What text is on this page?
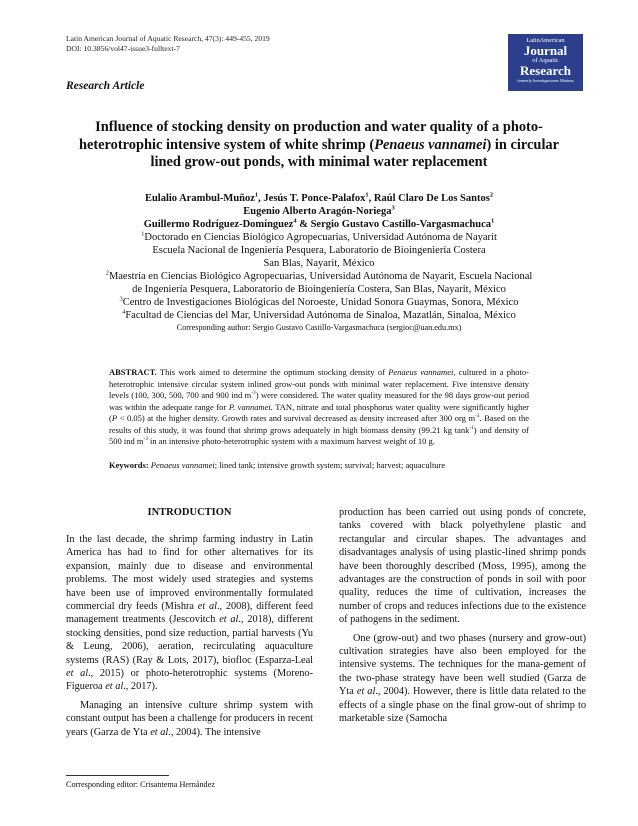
Latin American Journal of Aquatic Research, 47(3): 449-455, 2019
DOI: 10.3856/vol47-issue3-fulltext-7
Research Article
LatinAmerican
Journal
of Aquatic
Research
formerly Investigaciones Marinas
Influence of stocking density on production and water quality of a photo-
heterotrophic intensive system of white shrimp (Penaeus vannamei) in circular
lined grow-out ponds, with minimal water replacement

Eulalio Arambul-Muñoz$^1$, Jesús T. Ponce-Palafox$^1$, Raúl Claro De Los Santos$^2$

Eugenio Alberto Aragón-Noriega$^3$

Guillermo Rodríguez-Domínguez$^4$ & Sergio Gustavo Castillo-Vargasmachuca$^1$

$^1$Doctorado en Ciencias Biológico Agropecuarias, Universidad Autónoma de Nayarit

Escuela Nacional de Ingeniería Pesquera, Laboratorio de Bioingeniería Costera

San Blas, Nayarit, México

$^2$Maestría en Ciencias Biológico Agropecuarias, Universidad Autónoma de Nayarit, Escuela Nacional

de Ingeniería Pesquera, Laboratorio de Bioingeniería Costera, San Blas, Nayarit, México

$^3$Centro de Investigaciones Biológicas del Noroeste, Unidad Sonora Guaymas, Sonora, México

$^4$Facultad de Ciencias del Mar, Universidad Autónoma de Sinaloa, Mazatlán, Sinaloa, México

Corresponding author: Sergio Gustavo Castillo-Vargasmachuca (sergioc@uan.edu.mx)

ABSTRACT. This work aimed to determine the optimum stocking density of Penaeus vannamei, cultured in a photo-heterotrophic intensive circular system inlined grow-out ponds with minimal water replacement. Five intensive density levels (100, 300, 500, 700 and 900 ind $m^{-3}$) were considered. The water quality measured for the 98 days grow-out period was within the adequate range for P. vannamei. TAN, nitrate and total phosphorus water quality were significantly higher (P < 0.05) at the higher density. Growth rates and survival decreased as density increased after 300 org $m^{-3}$. Based on the results of this study, it was found that shrimp grows adequately in high biomass density (99.21 kg tank$^{-1}$) and density of 500 ind $m^{-3}$ in an intensive photo-heterotrophic system with a maximum harvest weight of 10 g.

Keywords: Penaeus vannamei; lined tank; intensive growth system; survival; harvest; aquaculture
INTRODUCTION

In the last decade, the shrimp farming industry in Latin America has had to find for other alternatives for its expansion, mainly due to disease and environmental problems. The most widely used strategies and systems have been use of improved environmentally formulated commercial dry feeds (Mishra et al., 2008), different feed management treatments (Jescovitch et al., 2018), different stocking densities, pond size reduction, partial harvests (Yu & Leung, 2006), aeration, recirculating aquaculture systems (RAS) (Ray & Lots, 2017), biofloc (Esparza-Leal et al., 2015) or photo-heterotrophic systems (Moreno-Figueroa et al., 2017).

Managing an intensive culture shrimp system with constant output has been a challenge for producers in recent years (Garza de Yta et al., 2004). The intensive

production has been carried out using ponds of concrete, tanks covered with black polyethylene plastic and rectangular and circular shapes. The advantages and disadvantages analysis of using plastic-lined shrimp ponds have been thoroughly described (Moss, 1995), among the advantages are the construction of ponds in soil with poor quality, reduces the time of cultivation, increases the number of crops and reduces infections due to the existence of pathogens in the sediment.

One (grow-out) and two phases (nursery and grow-out) cultivation strategies have also been employed for the intensive systems. The techniques for the mana-gement of the two-phase strategy have been well studied (Garza de Yta et al., 2004). However, there is little data related to the effects of a single phase on the final grow-out of shrimp to marketable size (Samocha

Corresponding editor: Crisantema Hernández
